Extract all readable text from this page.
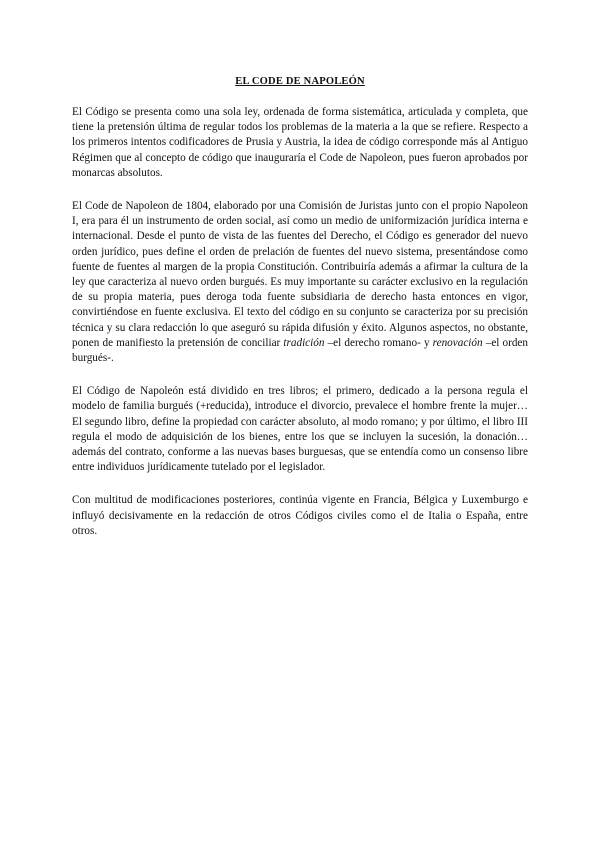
EL CODE DE NAPOLEÓN

El Código se presenta como una sola ley, ordenada de forma sistemática, articulada y completa, que tiene la pretensión última de regular todos los problemas de la materia a la que se refiere. Respecto a los primeros intentos codificadores de Prusia y Austria, la idea de código corresponde más al Antiguo Régimen que al concepto de código que inauguraría el Code de Napoleon, pues fueron aprobados por monarcas absolutos.

El Code de Napoleon de 1804, elaborado por una Comisión de Juristas junto con el propio Napoleon I, era para él un instrumento de orden social, así como un medio de uniformización jurídica interna e internacional. Desde el punto de vista de las fuentes del Derecho, el Código es generador del nuevo orden jurídico, pues define el orden de prelación de fuentes del nuevo sistema, presentándose como fuente de fuentes al margen de la propia Constitución. Contribuiría además a afirmar la cultura de la ley que caracteriza al nuevo orden burgués. Es muy importante su carácter exclusivo en la regulación de su propia materia, pues deroga toda fuente subsidiaria de derecho hasta entonces en vigor, convirtiéndose en fuente exclusiva. El texto del código en su conjunto se caracteriza por su precisión técnica y su clara redacción lo que aseguró su rápida difusión y éxito. Algunos aspectos, no obstante, ponen de manifiesto la pretensión de conciliar tradición –el derecho romano- y renovación –el orden burgués-.

El Código de Napoleón está dividido en tres libros; el primero, dedicado a la persona regula el modelo de familia burgués (+reducida), introduce el divorcio, prevalece el hombre frente la mujer… El segundo libro, define la propiedad con carácter absoluto, al modo romano; y por último, el libro III regula el modo de adquisición de los bienes, entre los que se incluyen la sucesión, la donación… además del contrato, conforme a las nuevas bases burguesas, que se entendía como un consenso libre entre individuos jurídicamente tutelado por el legislador.

Con multitud de modificaciones posteriores, continúa vigente en Francia, Bélgica y Luxemburgo e influyó decisivamente en la redacción de otros Códigos civiles como el de Italia o España, entre otros.
